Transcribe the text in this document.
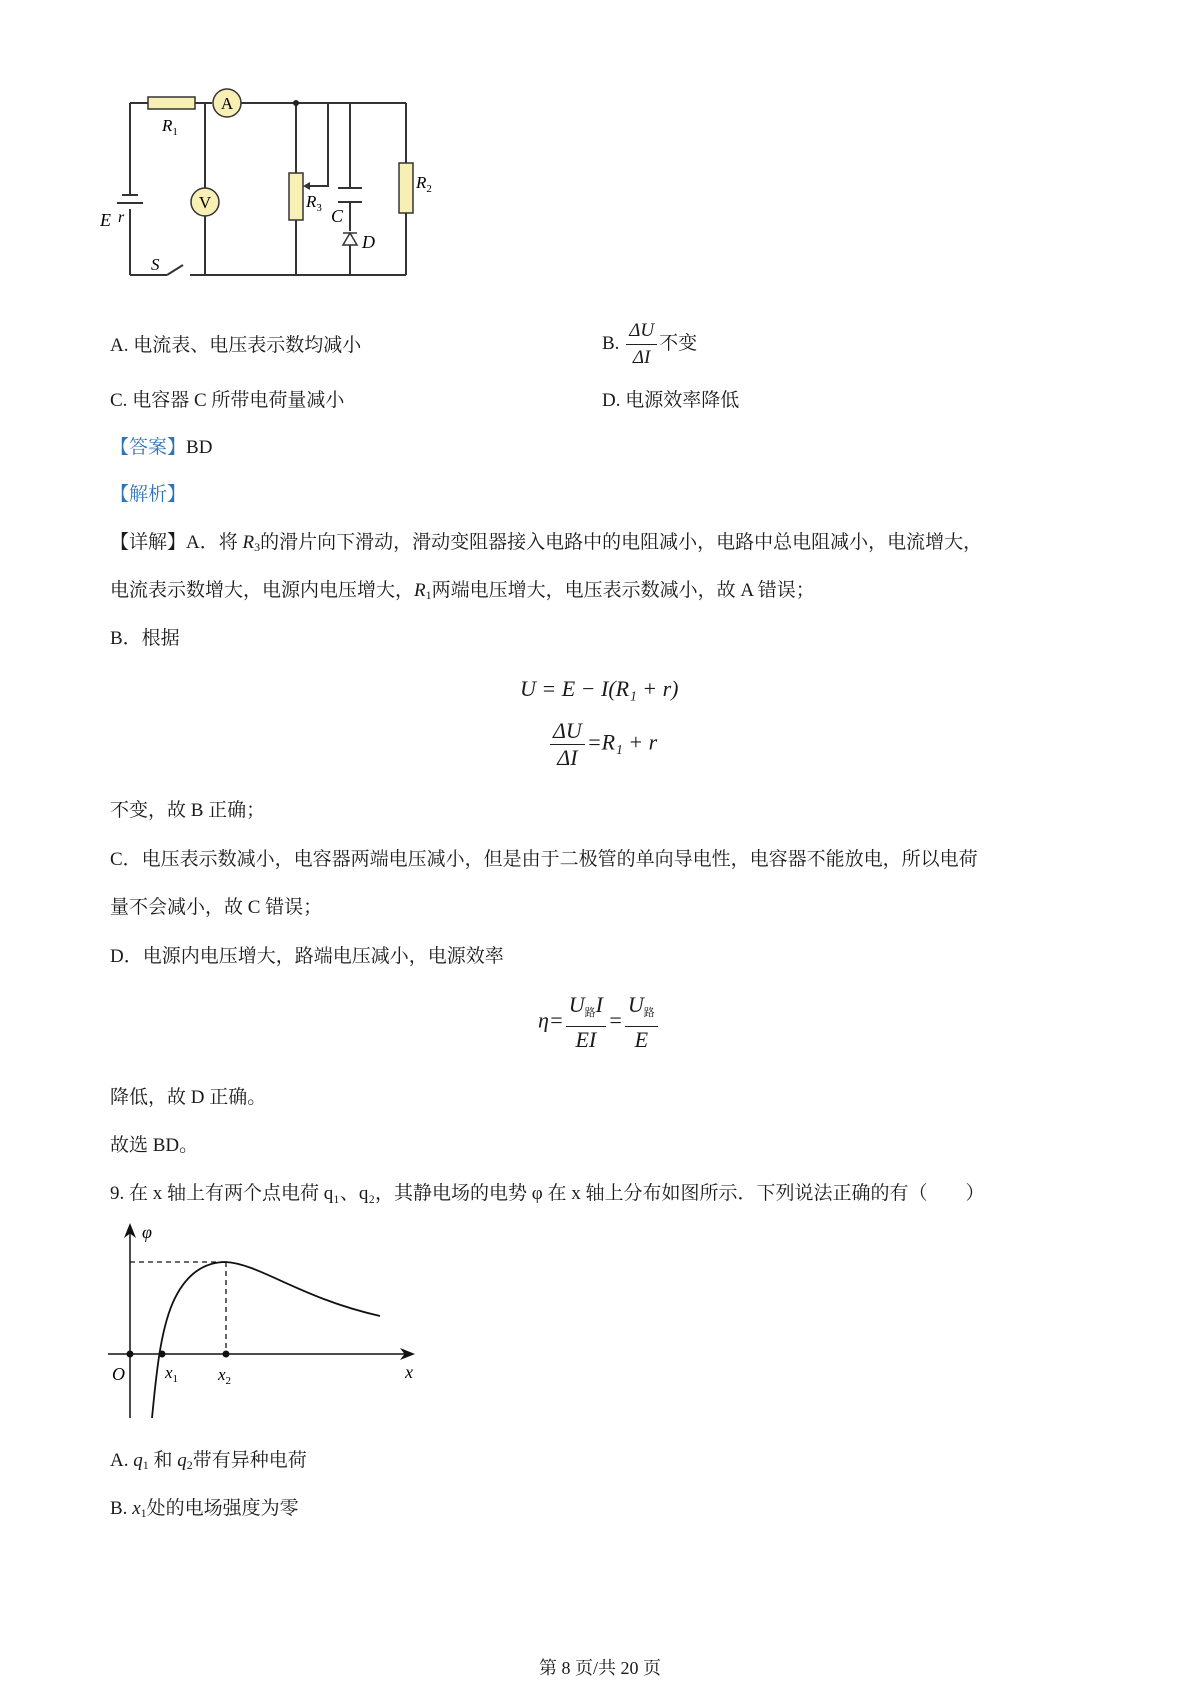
A
V
$R_1$
$R_2$
$R_3$ C
D
E r
S
A. 电流表、电压表示数均减小	B. $\frac{\Delta U}{\Delta I}$ 不变
C. 电容器 C 所带电荷量减小	D. 电源效率降低
【答案】BD
【解析】
【详解】A．将 $R_3$的滑片向下滑动，滑动变阻器接入电路中的电阻减小，电路中总电阻减小，电流增大，
电流表示数增大，电源内电压增大，$R_1$两端电压增大，电压表示数减小，故 A 错误；
B．根据
U = E − I(R₁ + r)
$\frac{\Delta U}{\Delta I} =R_1 + r$
不变，故 B 正确；
C．电压表示数减小，电容器两端电压减小，但是由于二极管的单向导电性，电容器不能放电，所以电荷
量不会减小，故 C 错误；
D．电源内电压增大，路端电压减小，电源效率
$\eta= \frac{\text{U路I}}{EI} = \frac{\text{U路}}{E}$
降低，故 D 正确。
故选 BD。
9. 在 x 轴上有两个点电荷 q₁、q₂，其静电场的电势 φ 在 x 轴上分布如图所示．下列说法正确的有（　　）
φ
x
O $x_1$ $x_2$
A. $q_1$ 和 $q_2$带有异种电荷
B. $x_1$处的电场强度为零
第 8 页/共 20 页
